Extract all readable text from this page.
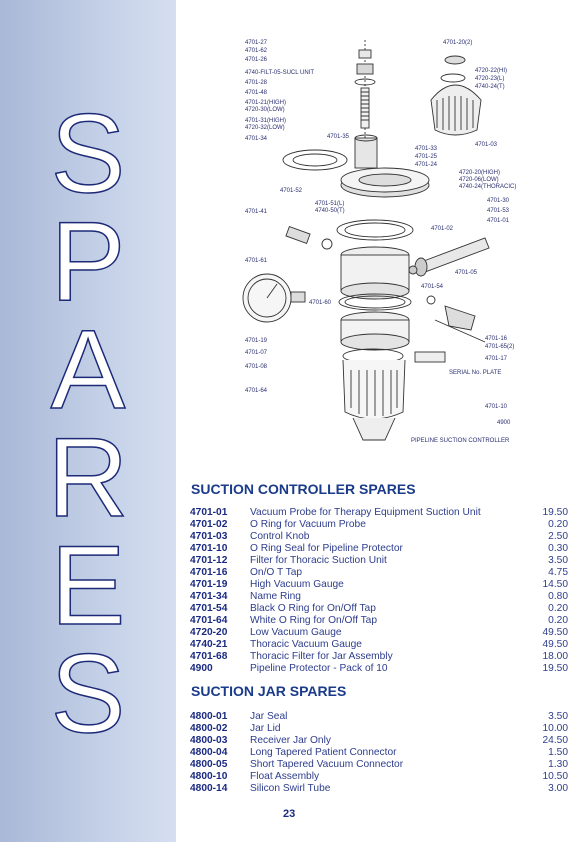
S
P
A
R
E
S
4701-27
4701-62
4701-26
4740-FILT-05-SUCL UNIT
4701-28
4701-48
4701-21(HIGH)
4720-30(LOW)
4701-31(HIGH)
4720-32(LOW)
4701-34	4701-35
4701-33
4701-25
4701-24
4701-20(2)
4720-22(HI)
4720-23(L)
4740-24(T)
4701-03
4720-20(HIGH)
4720-06(LOW)
4740-24(THORACIC)
4701-52
4701-41
4701-51(L)
4740-50(T)
4701-30
4701-53
4701-01
4701-02
4701-61
4701-05
4701-54
4701-60
4701-19
4701-07
4701-08
4701-64
4701-16
4701-65(2)
4701-17
SERIAL No. PLATE
4701-10
4900
PIPELINE SUCTION CONTROLLER
SUCTION CONTROLLER SPARES
4701-01 Vacuum Probe for Therapy Equipment Suction Unit	19.50
4701-02 O Ring for Vacuum Probe	0.20
4701-03 Control Knob	2.50
4701-10 O Ring Seal for Pipeline Protector	0.30
4701-12 Filter for Thoracic Suction Unit	3.50
4701-16 On/O T Tap	4.75
4701-19 High Vacuum Gauge	14.50
4701-34 Name Ring	0.80
4701-54 Black O Ring for On/Off Tap	0.20
4701-64 White O Ring for On/Off Tap	0.20
4720-20 Low Vacuum Gauge	49.50
4740-21 Thoracic Vacuum Gauge	49.50
4701-68 Thoracic Filter for Jar Assembly	18.00
4900	Pipeline Protector - Pack of 10	19.50
SUCTION JAR SPARES
4800-01 Jar Seal	3.50
4800-02 Jar Lid	10.00
4800-03 Receiver Jar Only	24.50
4800-04 Long Tapered Patient Connector	1.50
4800-05 Short Tapered Vacuum Connector	1.30
4800-10 Float Assembly	10.50
4800-14 Silicon Swirl Tube	3.00
23
